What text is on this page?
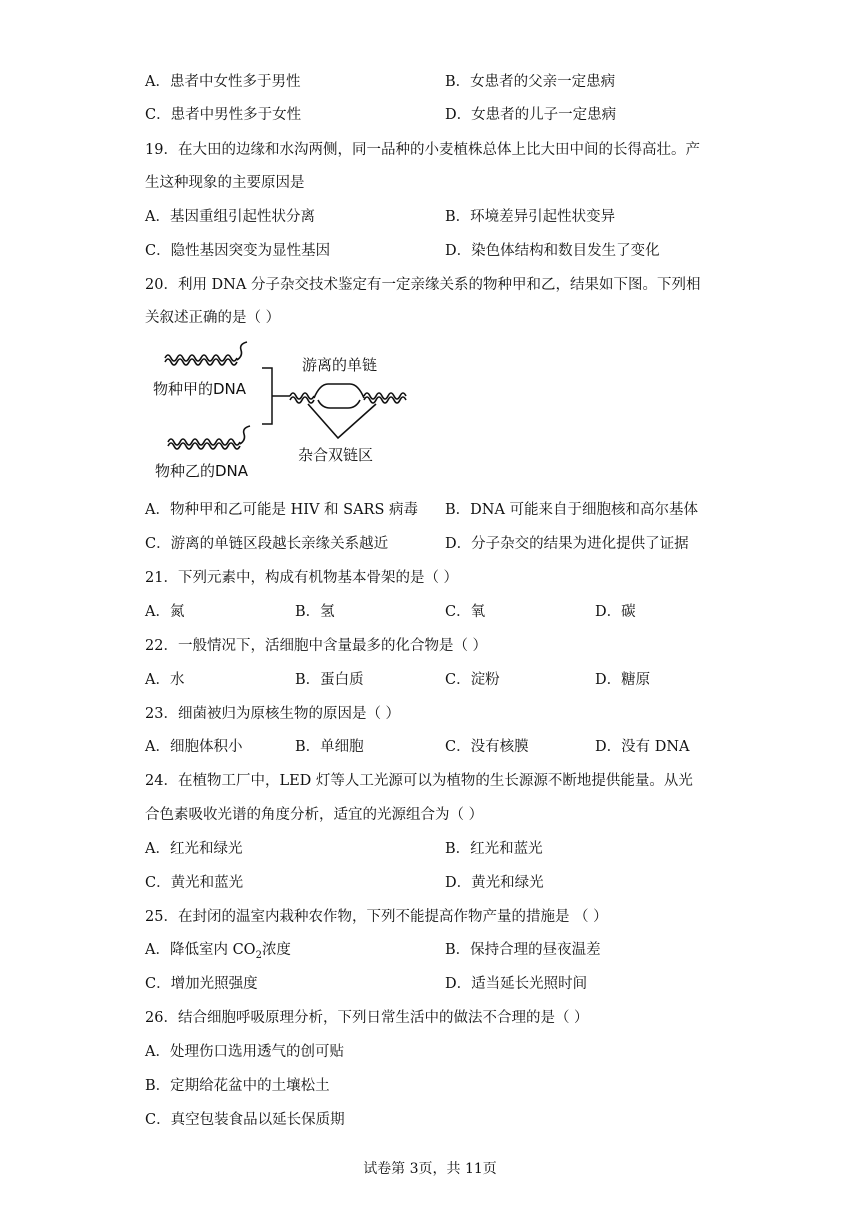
A．患者中女性多于男性	B．女患者的父亲一定患病
C．患者中男性多于女性	D．女患者的儿子一定患病
19．在大田的边缘和水沟两侧，同一品种的小麦植株总体上比大田中间的长得高壮。产
生这种现象的主要原因是
A．基因重组引起性状分离	B．环境差异引起性状变异
C．隐性基因突变为显性基因	D．染色体结构和数目发生了变化
20．利用 DNA 分子杂交技术鉴定有一定亲缘关系的物种甲和乙，结果如下图。下列相
关叙述正确的是（ ）
物种甲的DNA
物种乙的DNA
游离的单链
杂合双链区
A．物种甲和乙可能是 HIV 和 SARS 病毒 B．DNA 可能来自于细胞核和高尔基体
C．游离的单链区段越长亲缘关系越近	D．分子杂交的结果为进化提供了证据
21．下列元素中，构成有机物基本骨架的是（ ）
A．氮	B．氢	C．氧	D．碳
22．一般情况下，活细胞中含量最多的化合物是（ ）
A．水	B．蛋白质	C．淀粉	D．糖原
23．细菌被归为原核生物的原因是（ ）
A．细胞体积小	B．单细胞	C．没有核膜	D．没有 DNA
24．在植物工厂中，LED 灯等人工光源可以为植物的生长源源不断地提供能量。从光
合色素吸收光谱的角度分析，适宜的光源组合为（ ）
A．红光和绿光	B．红光和蓝光
C．黄光和蓝光	D．黄光和绿光
25．在封闭的温室内栽种农作物，下列不能提高作物产量的措施是 （ ）
A．降低室内 $CO_2$浓度	B．保持合理的昼夜温差
C．增加光照强度	D．适当延长光照时间
26．结合细胞呼吸原理分析，下列日常生活中的做法不合理的是（ ）
A．处理伤口选用透气的创可贴
B．定期给花盆中的土壤松土
C．真空包装食品以延长保质期
试卷第 3页，共 11页
